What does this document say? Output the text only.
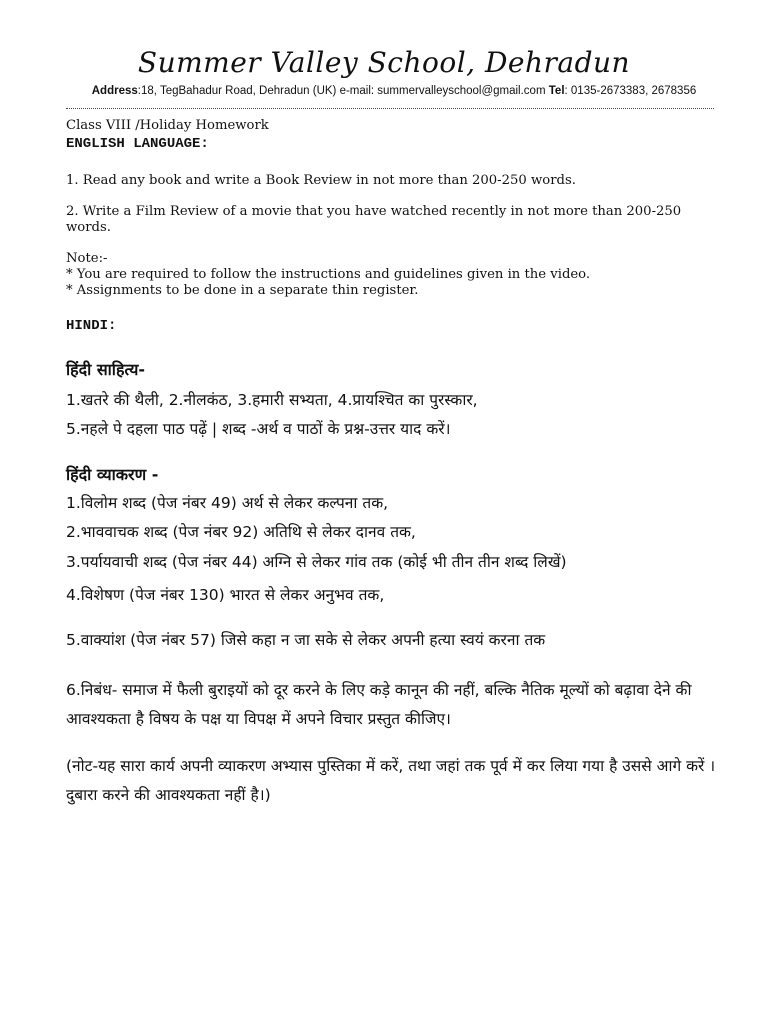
Summer Valley School, Dehradun
Address:18, TegBahadur Road, Dehradun (UK) e-mail: summervalleyschool@gmail.com Tel: 0135-2673383, 2678356
Class VIII /Holiday Homework
ENGLISH LANGUAGE:
1. Read any book and write a Book Review in not more than 200-250 words.
2. Write a Film Review of a movie that you have watched recently in not more than 200-250 words.
Note:-
* You are required to follow the instructions and guidelines given in the video.
* Assignments to be done in a separate thin register.
HINDI:
हिंदी साहित्य-
1.खतरे की थैली, 2.नीलकंठ, 3.हमारी सभ्यता, 4.प्रायश्चित का पुरस्कार,
5.नहले पे दहला पाठ पढ़ें | शब्द -अर्थ व पाठों के प्रश्न-उत्तर याद करें।
हिंदी व्याकरण -
1.विलोम शब्द (पेज नंबर 49) अर्थ से लेकर कल्पना तक,
2.भाववाचक शब्द (पेज नंबर 92) अतिथि से लेकर दानव तक,
3.पर्यायवाची शब्द (पेज नंबर 44) अग्नि से लेकर गांव तक (कोई भी तीन तीन शब्द लिखें)
4.विशेषण (पेज नंबर 130) भारत से लेकर अनुभव तक,
5.वाक्यांश (पेज नंबर 57) जिसे कहा न जा सके से लेकर अपनी हत्या स्वयं करना तक
6.निबंध- समाज में फैली बुराइयों को दूर करने के लिए कड़े कानून की नहीं, बल्कि नैतिक मूल्यों को बढ़ावा देने की आवश्यकता है विषय के पक्ष या विपक्ष में अपने विचार प्रस्तुत कीजिए।
(नोट-यह सारा कार्य अपनी व्याकरण अभ्यास पुस्तिका में करें, तथा जहां तक पूर्व में कर लिया गया है उससे आगे करें ।दुबारा करने की आवश्यकता नहीं है।)
